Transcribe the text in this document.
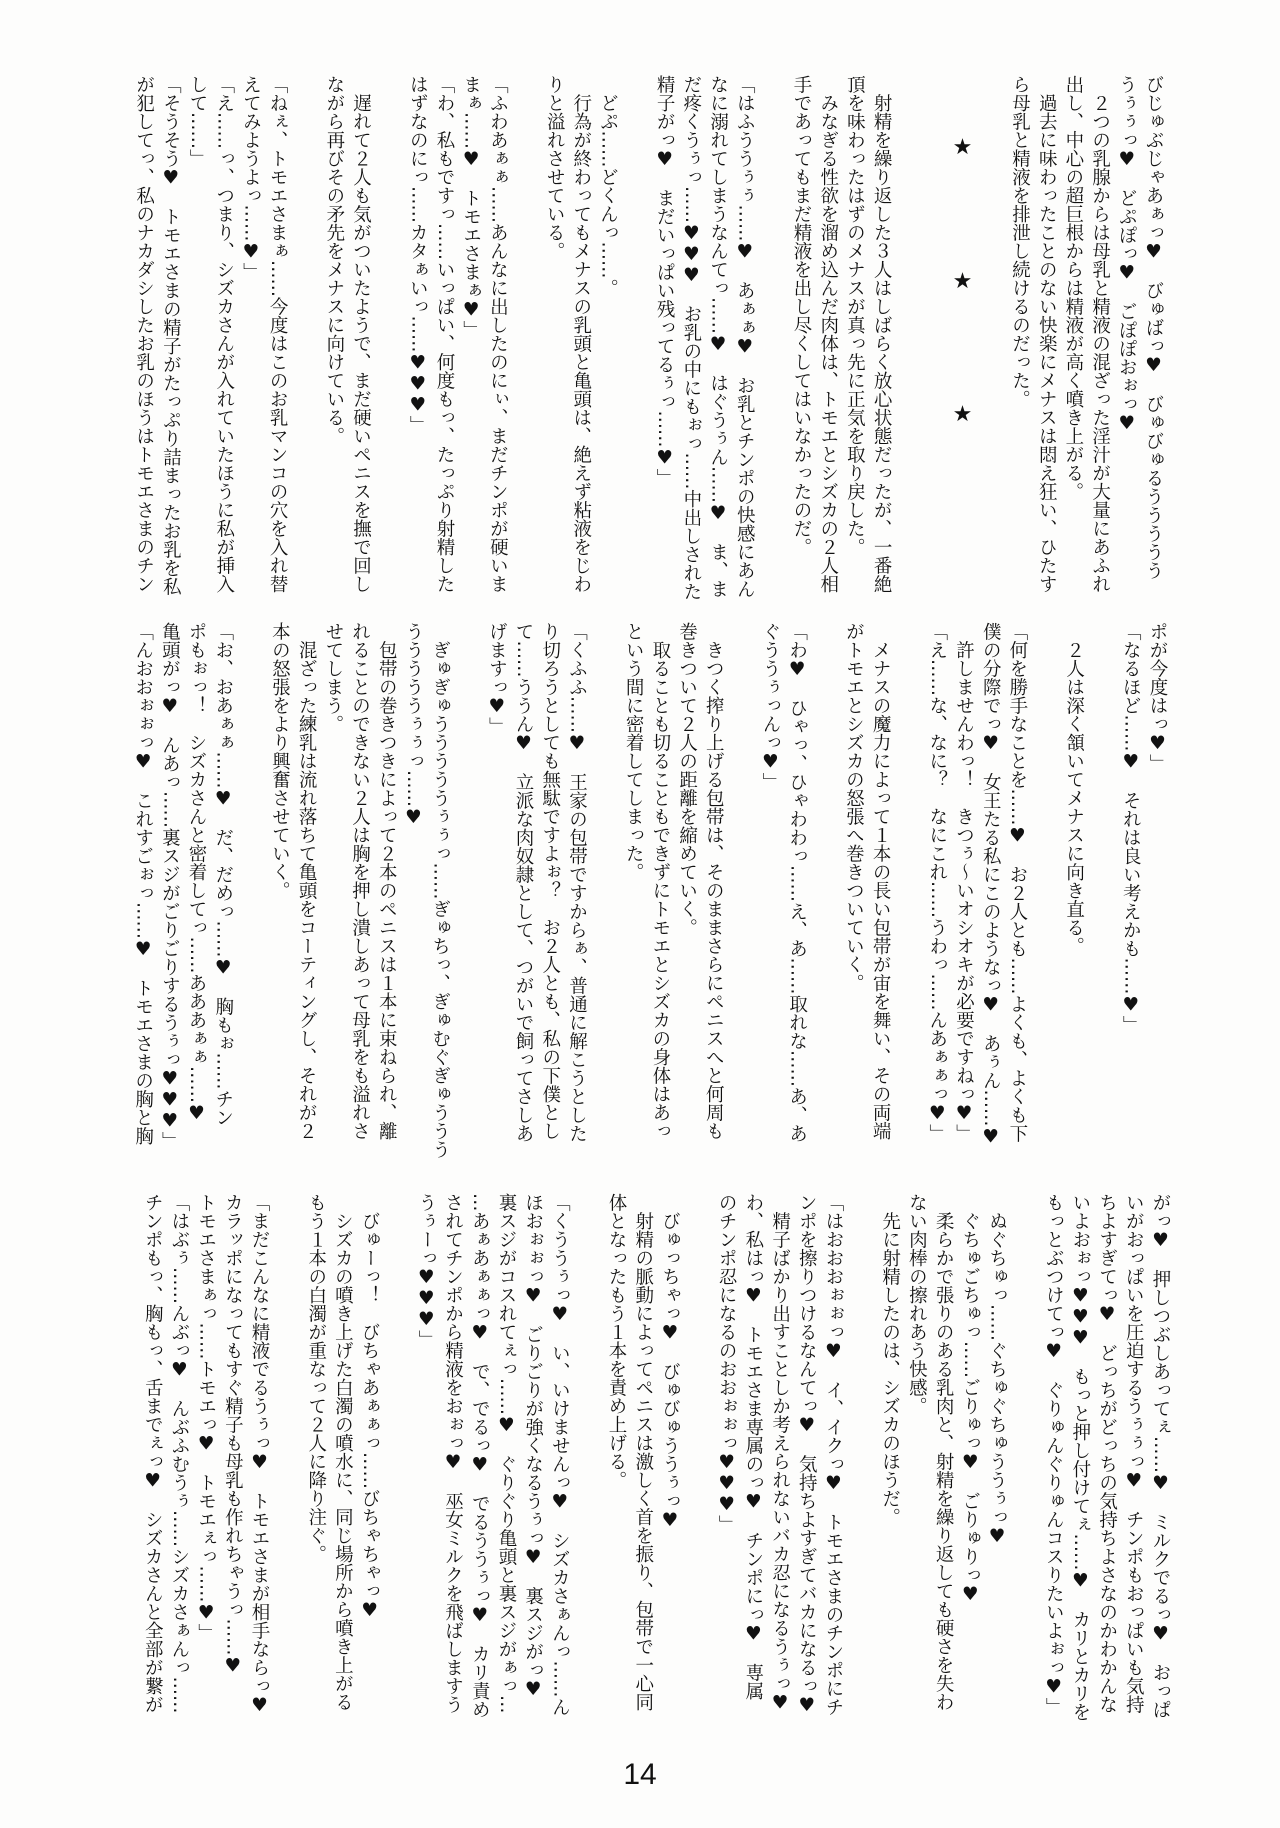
びじゅぶじゃあぁっ♥　びゅばっ♥　びゅびゅるううううう
うぅぅっ♥　どぷぽっ♥　ごぽぽおぉっ♥
　２つの乳腺からは母乳と精液の混ざった淫汁が大量にあふれ
出し、中心の超巨根からは精液が高く噴き上がる。
　過去に味わったことのない快楽にメナスは悶え狂い、ひたす
ら母乳と精液を排泄し続けるのだった。
★
★
★
　射精を繰り返した３人はしばらく放心状態だったが、一番絶
頂を味わったはずのメナスが真っ先に正気を取り戻した。
　みなぎる性欲を溜め込んだ肉体は、トモエとシズカの２人相
手であってもまだ精液を出し尽くしてはいなかったのだ。
「はふううぅぅ……♥　あぁぁ♥　お乳とチンポの快感にあん
なに溺れてしまうなんてっ……♥　はぐうぅん……♥　ま、ま
だ疼くうぅっ……♥♥♥　お乳の中にもぉっ……中出しされた
精子がっ♥　まだいっぱい残ってるぅっ……♥」
　どぷ……どくんっ……。
　行為が終わってもメナスの乳頭と亀頭は、絶えず粘液をじわ
りと溢れさせている。
「ふわあぁぁ……あんなに出したのにぃ、まだチンポが硬いま
まぁ……♥　トモエさまぁ♥」
「わ、私もですっ……いっぱい、何度もっ、たっぷり射精した
はずなのにっ……カタぁいっ……♥♥♥」
　遅れて２人も気がついたようで、まだ硬いペニスを撫で回し
ながら再びその矛先をメナスに向けている。
「ねぇ、トモエさまぁ……今度はこのお乳マンコの穴を入れ替
えてみようよっ……♥」
「え……っ、つまり、シズカさんが入れていたほうに私が挿入
して……」
「そうそう♥　トモエさまの精子がたっぷり詰まったお乳を私
が犯してっ、私のナカダシしたお乳のほうはトモエさまのチン
ポが今度はっ♥」
「なるほど……♥　それは良い考えかも……♥」
　２人は深く頷いてメナスに向き直る。
「何を勝手なことを……♥　お２人とも……よくも、よくも下
僕の分際でっ♥　女王たる私にこのようなっ♥　あぅん……♥
　許しませんわっ！　きつぅ〜いオシオキが必要ですねっ♥」
「え……な、なに？　なにこれ……うわっ……んあぁぁっ♥」
　メナスの魔力によって１本の長い包帯が宙を舞い、その両端
がトモエとシズカの怒張へ巻きついていく。
「わ♥　ひゃっ、ひゃわわっ……え、あ……取れな……あ、あ
ぐううぅっんっ♥」
　きつく搾り上げる包帯は、そのままさらにペニスへと何周も
巻きついて２人の距離を縮めていく。
　取ることも切ることもできずにトモエとシズカの身体はあっ
という間に密着してしまった。
「くふふ……♥　王家の包帯ですからぁ、普通に解こうとした
り切ろうとしても無駄ですよぉ？　お２人とも、私の下僕とし
て……ううん♥　立派な肉奴隷として、つがいで飼ってさしあ
げますっ♥」
　ぎゅぎゅうううううぅぅっ……ぎゅちっ、ぎゅむぐぎゅううう
うううううぅぅっ……♥
　包帯の巻きつきによって２本のペニスは１本に束ねられ、離
れることのできない２人は胸を押し潰しあって母乳をも溢れさ
せてしまう。
　混ざった練乳は流れ落ちて亀頭をコーティングし、それが２
本の怒張をより興奮させていく。
「お、おあぁぁ……♥　だ、だめっ……♥　胸もぉ……チン
ポもぉっ！　シズカさんと密着してっ……あああぁぁ……♥
亀頭がっ♥　んあっ……裏スジがごりごりするうぅっ♥♥♥」
「んおおぉぉっ♥　これすごぉっ……♥　トモエさまの胸と胸
がっ♥　押しつぶしあってぇ……♥　ミルクでるっ♥　おっぱ
いがおっぱいを圧迫するうぅぅっ♥　チンポもおっぱいも気持
ちよすぎてっ♥　どっちがどっちの気持ちよさなのかわかんな
いよおぉっ♥♥♥　もっと押し付けてぇ……♥　カリとカリを
もっとぶつけてっ♥　ぐりゅんぐりゅんコスりたいよぉっ♥」
　ぬぐちゅっ……ぐちゅぐちゅううぅっ♥
　ぐちゅごちゅっ……ごりゅっ♥　ごりゅりっ♥
　柔らかで張りのある乳肉と、射精を繰り返しても硬さを失わ
ない肉棒の擦れあう快感。
　先に射精したのは、シズカのほうだ。
「はおおおぉぉっ♥　イ、イクっ♥　トモエさまのチンポにチ
ンポを擦りつけるなんてっ♥　気持ちよすぎてバカになるっ♥
　精子ばかり出すことしか考えられないバカ忍になるうぅっ♥
わ、私はっ♥　トモエさま専属のっ♥　チンポにっ♥　専属
のチンポ忍になるのおおぉぉっ♥♥♥」
　びゅっちゃっ♥　びゅびゅううぅっ♥
　射精の脈動によってペニスは激しく首を振り、包帯で一心同
体となったもう１本を責め上げる。
「くううぅっ♥　い、いけませんっ♥　シズカさぁんっ……ん
ほおぉぉっ♥　ごりごりが強くなるうぅっ♥　裏スジがっ♥
裏スジがコスれてぇっ……♥　ぐりぐり亀頭と裏スジがぁっ…
…あぁあぁぁっ♥　で、でるっ♥　でるううぅっ♥　カリ責め
されてチンポから精液をおぉっ♥　巫女ミルクを飛ばしますう
うぅーっ♥♥♥」
　びゅーっ！　びちゃあぁぁっ……びちゃちゃっ♥
　シズカの噴き上げた白濁の噴水に、同じ場所から噴き上がる
もう１本の白濁が重なって２人に降り注ぐ。
「まだこんなに精液でるうぅっ♥　トモエさまが相手ならっ♥
カラッポになってもすぐ精子も母乳も作れちゃうっ……♥
トモエさまぁっ……トモエっ♥　トモエぇっ……♥」
「はぶぅ……んぶっ♥　んぶふむうぅ……シズカさぁんっ……
チンポもっ、胸もっ、舌までぇっ♥　シズカさんと全部が繋が
14
